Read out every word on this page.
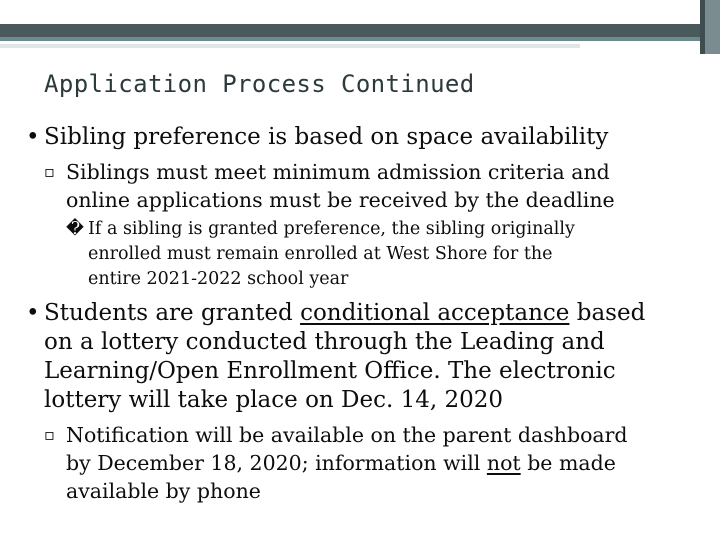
Application Process Continued
• Sibling preference is based on space availability
▫ Siblings must meet minimum admission criteria and
online applications must be received by the deadline
� If a sibling is granted preference, the sibling originally
enrolled must remain enrolled at West Shore for the
entire 2021-2022 school year
• Students are granted conditional acceptance based
on a lottery conducted through the Leading and
Learning/Open Enrollment Office. The electronic
lottery will take place on Dec. 14, 2020
▫ Notification will be available on the parent dashboard
by December 18, 2020; information will not be made
available by phone
